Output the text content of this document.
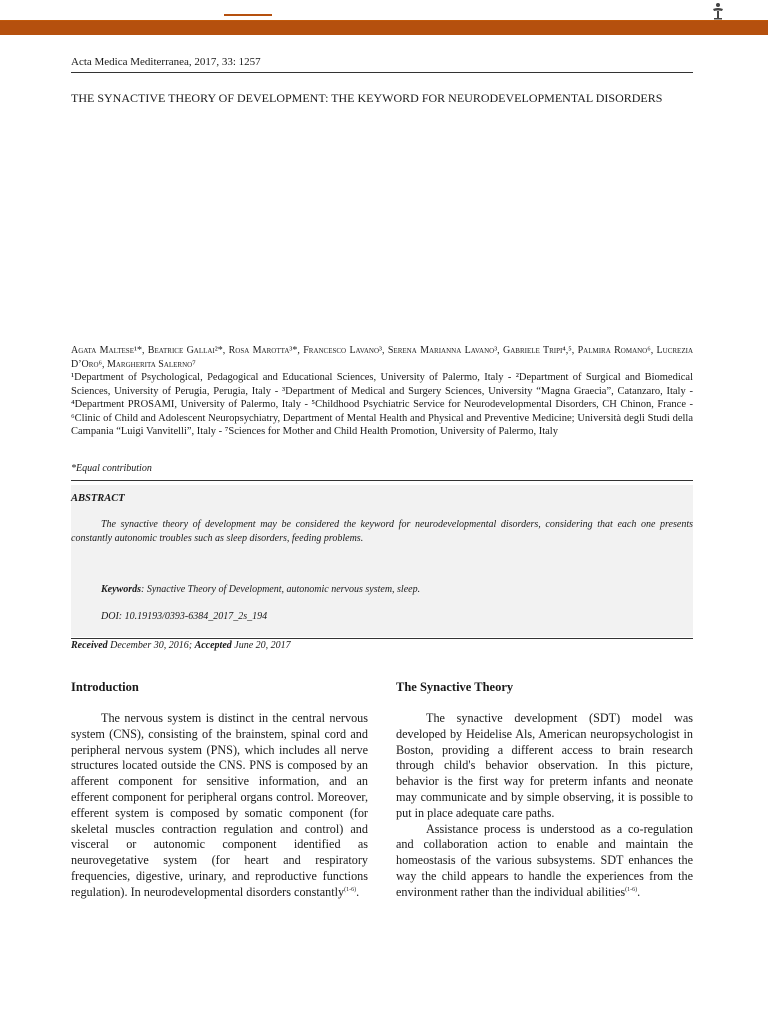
Acta Medica Mediterranea, 2017, 33: 1257
THE SYNACTIVE THEORY OF DEVELOPMENT: THE KEYWORD FOR NEURODEVELOPMENTAL DISORDERS
Agata Maltese¹*, Beatrice Gallai²*, Rosa Marotta³*, Francesco Lavano³, Serena Marianna Lavano³, Gabriele Tripi⁴,⁵, Palmira Romano⁶, Lucrezia D’Oro⁶, Margherita Salerno⁷
¹Department of Psychological, Pedagogical and Educational Sciences, University of Palermo, Italy - ²Department of Surgical and Biomedical Sciences, University of Perugia, Perugia, Italy - ³Department of Medical and Surgery Sciences, University “Magna Graecia”, Catanzaro, Italy - ⁴Department PROSAMI, University of Palermo, Italy - ⁵Childhood Psychiatric Service for Neurodevelopmental Disorders, CH Chinon, France - ⁶Clinic of Child and Adolescent Neuropsychiatry, Department of Mental Health and Physical and Preventive Medicine; Università degli Studi della Campania “Luigi Vanvitelli”, Italy - ⁷Sciences for Mother and Child Health Promotion, University of Palermo, Italy
*Equal contribution
ABSTRACT
The synactive theory of development may be considered the keyword for neurodevelopmental disorders, considering that each one presents constantly autonomic troubles such as sleep disorders, feeding problems.
Keywords: Synactive Theory of Development, autonomic nervous system, sleep.
DOI: 10.19193/0393-6384_2017_2s_194
Received December 30, 2016; Accepted June 20, 2017
Introduction

The nervous system is distinct in the central nervous system (CNS), consisting of the brainstem, spinal cord and peripheral nervous system (PNS), which includes all nerve structures located outside the CNS. PNS is composed by an afferent component for sensitive information, and an efferent component for peripheral organs control. Moreover, efferent system is composed by somatic component (for skeletal muscles contraction regulation and control) and visceral or autonomic component identified as neurovegetative system (for heart and respiratory frequencies, digestive, urinary, and reproductive functions regulation). In neurodevelopmental disorders constantly$^{(1-6)}$.

The Synactive Theory

The synactive development (SDT) model was developed by Heidelise Als, American neuropsychologist in Boston, providing a different access to brain research through child's behavior observation. In this picture, behavior is the first way for preterm infants and neonate may communicate and by simple observing, it is possible to put in place adequate care paths.

Assistance process is understood as a co-regulation and collaboration action to enable and maintain the homeostasis of the various subsystems. SDT enhances the way the child appears to handle the experiences from the environment rather than the individual abilities$^{(1-6)}$.
